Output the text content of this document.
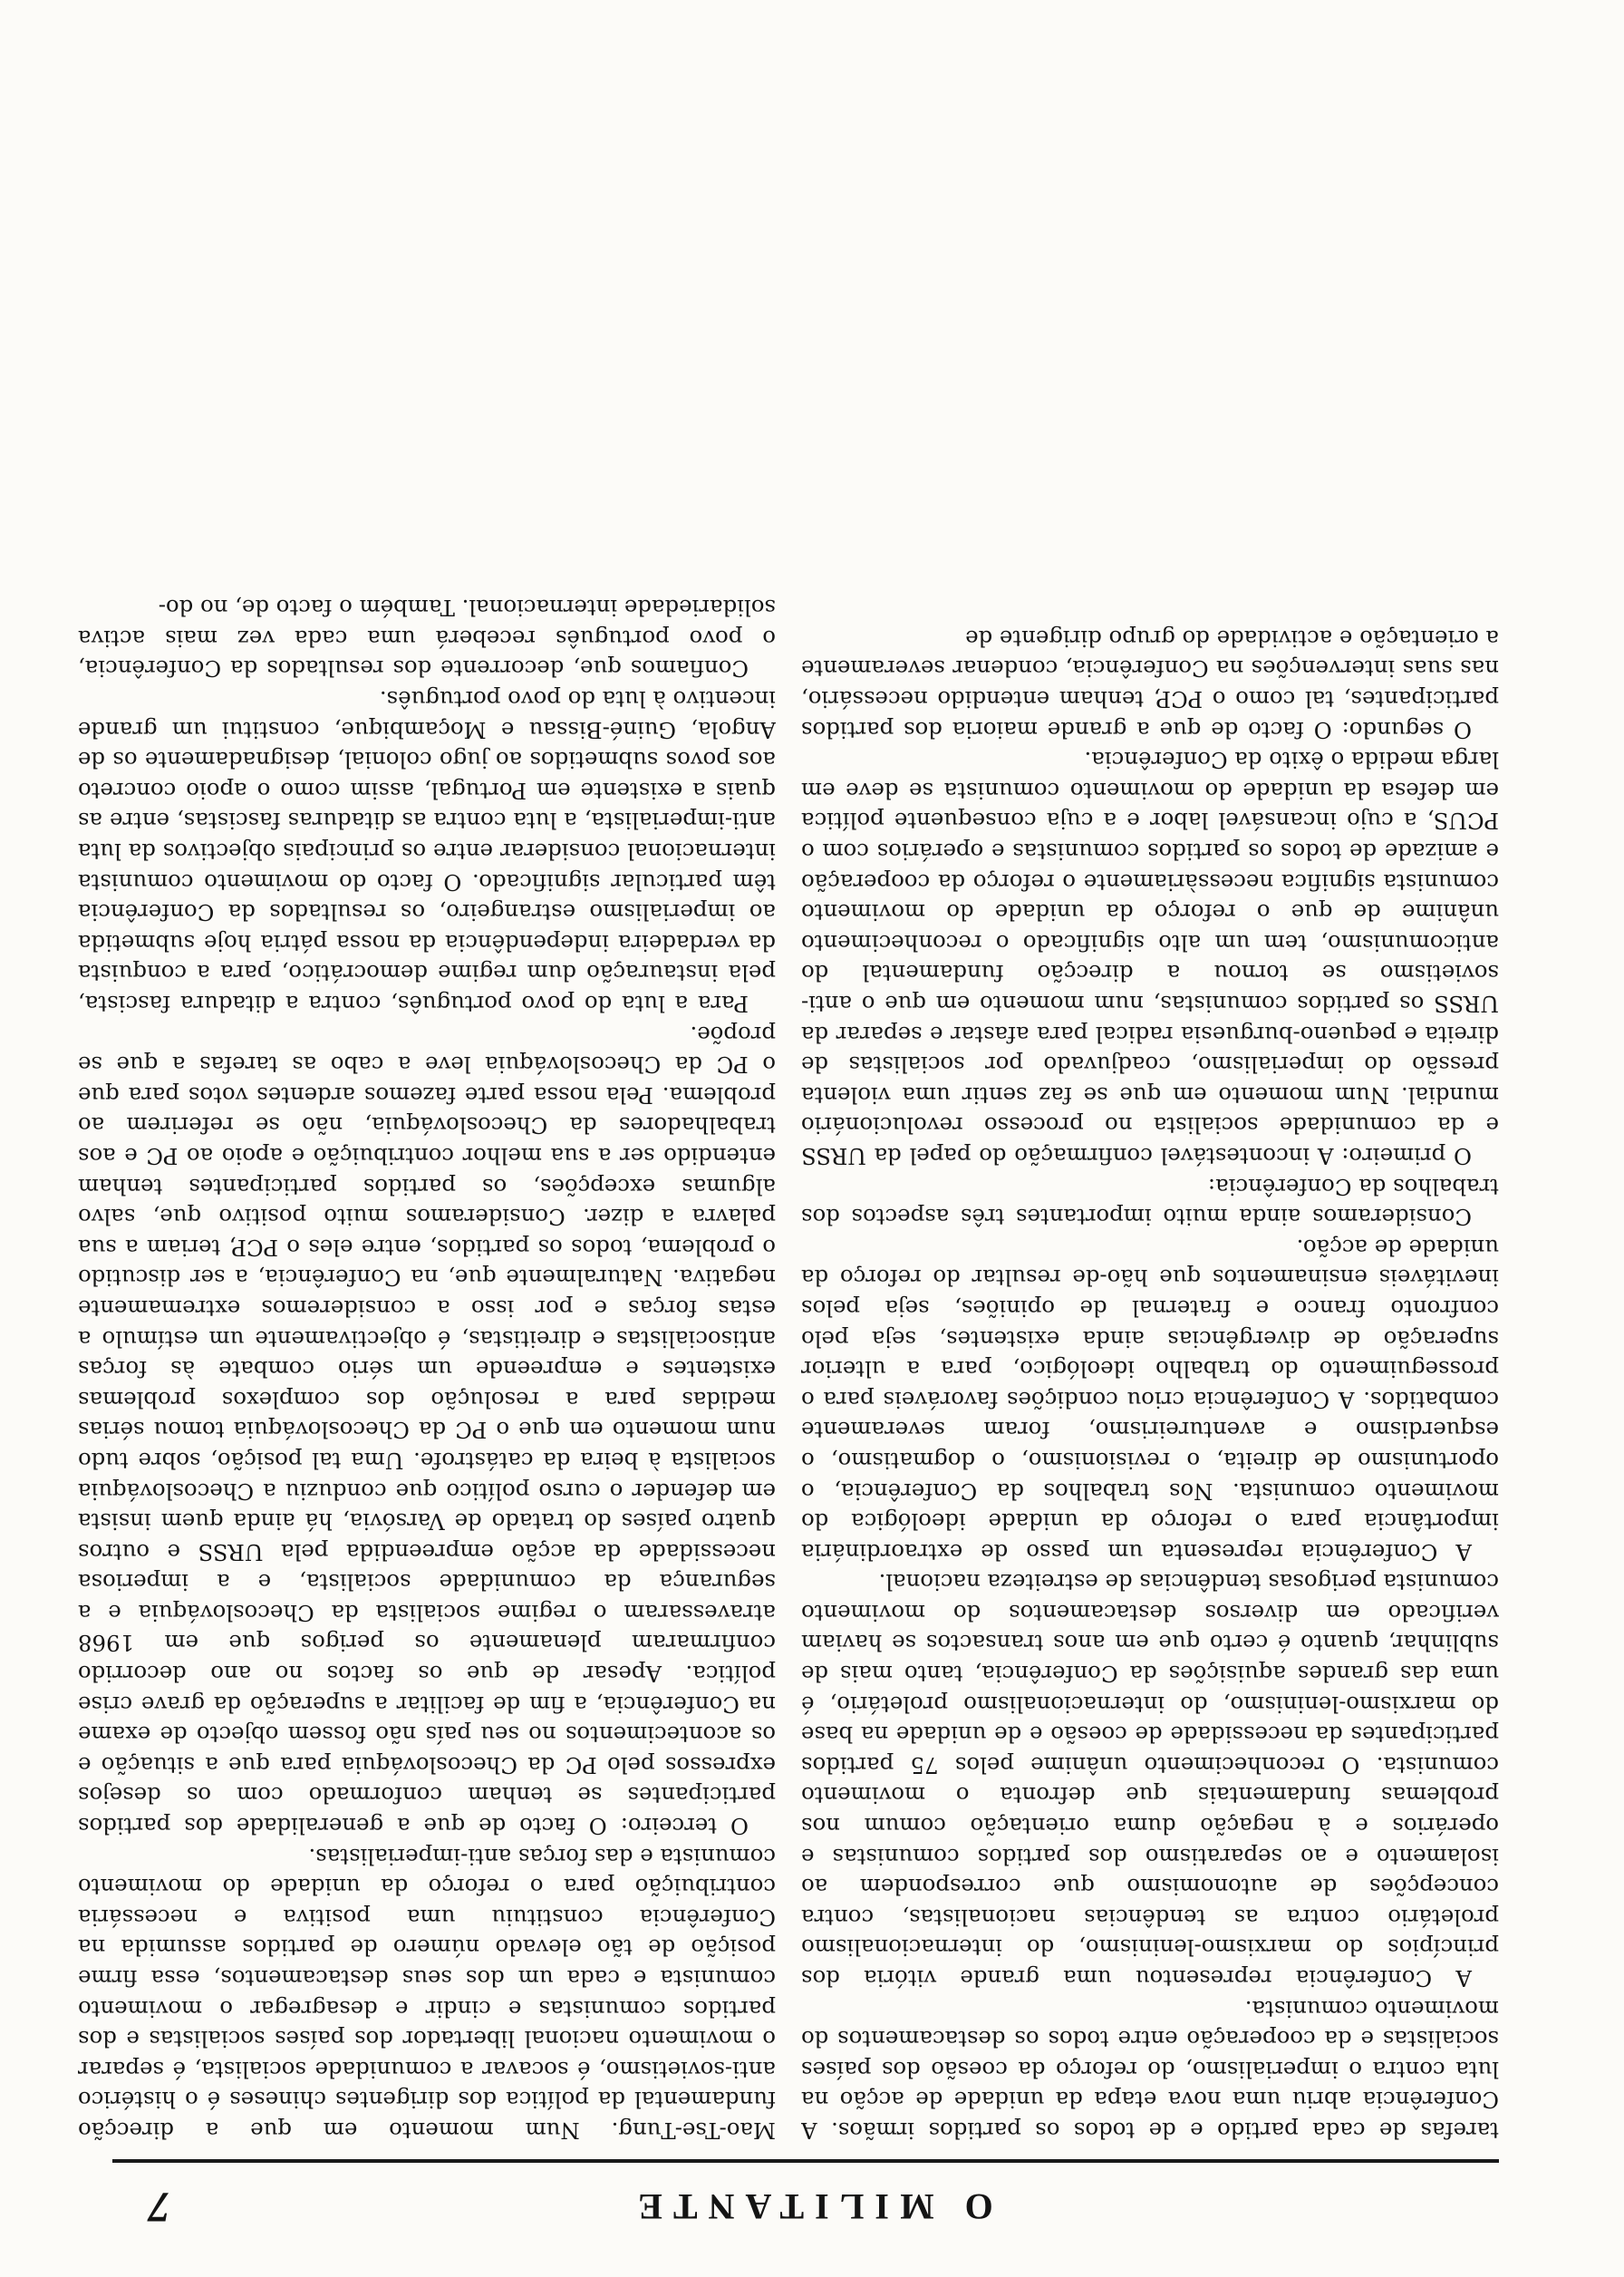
O MILITANTE
7

tarefas de cada partido e de todos os partidos irmãos. A Conferência abriu uma nova etapa da unidade de acção na luta contra o imperialismo, do reforço da coesão dos países socialistas e da cooperação entre todos os destacamentos do movimento comunista.

A Conferência representou uma grande vitória dos princípios do marxismo-leninismo, do internacionalismo proletário contra as tendências nacionalistas, contra concepções de autonomismo que correspondem ao isolamento e ao separatismo dos partidos comunistas e operários e à negação duma orientação comum nos problemas fundamentais que defronta o movimento comunista. O reconhecimento unânime pelos 75 partidos participantes da necessidade de coesão e de unidade na base do marxismo-leninismo, do internacionalismo proletário, é uma das grandes aquisições da Conferência, tanto mais de sublinhar, quanto é certo que em anos transactos se haviam verificado em diversos destacamentos do movimento comunista perigosas tendências de estreiteza nacional.

A Conferência representa um passo de extraordinária importância para o reforço da unidade ideológica do movimento comunista. Nos trabalhos da Conferência, o oportunismo de direita, o revisionismo, o dogmatismo, o esquerdismo e aventureirismo, foram severamente combatidos. A Conferência criou condições favoráveis para o prosseguimento do trabalho ideológico, para a ulterior superação de divergências ainda existentes, seja pelo confronto franco e fraternal de opiniões, seja pelos inevitáveis ensinamentos que hão-de resultar do reforço da unidade de acção.

Consideramos ainda muito importantes três aspectos dos trabalhos da Conferência:

O primeiro: A incontestável confirmação do papel da URSS e da comunidade socialista no processo revolucionário mundial. Num momento em que se faz sentir uma violenta pressão do imperialismo, coadjuvado por socialistas de direita e pequeno-burguesia radical para afastar e separar da URSS os partidos comunistas, num momento em que o anti-sovietismo se tornou a direcção fundamental do anticomunismo, tem um alto significado o reconhecimento unânime de que o reforço da unidade do movimento comunista significa necessàriamente o reforço da cooperação e amizade de todos os partidos comunistas e operários com o PCUS, a cujo incansável labor e a cuja consequente política em defesa da unidade do movimento comunista se deve em larga medida o êxito da Conferência.

O segundo: O facto de que a grande maioria dos partidos participantes, tal como o PCP, tenham entendido necessário, nas suas intervenções na Conferência, condenar severamente a orientação e actividade do grupo dirigente de

Mao-Tse-Tung. Num momento em que a direcção fundamental da política dos dirigentes chineses é o histérico anti-sovietismo, é socavar a comunidade socialista, é separar o movimento nacional libertador dos países socialistas e dos partidos comunistas e cindir e desagregar o movimento comunista e cada um dos seus destacamentos, essa firme posição de tão elevado número de partidos assumida na Conferência constituiu uma positiva e necessária contribuição para o reforço da unidade do movimento comunista e das forças anti-imperialistas.

O terceiro: O facto de que a generalidade dos partidos participantes se tenham conformado com os desejos expressos pelo PC da Checoslováquia para que a situação e os acontecimentos no seu país não fossem objecto de exame na Conferência, a fim de facilitar a superação da grave crise política. Apesar de que os factos no ano decorrido confirmaram plenamente os perigos que em 1968 atravessaram o regime socialista da Checoslováquia e a segurança da comunidade socialista, e a imperiosa necessidade da acção empreendida pela URSS e outros quatro países do tratado de Varsóvia, há ainda quem insista em defender o curso político que conduziu a Checoslováquia socialista à beira da catástrofe. Uma tal posição, sobre tudo num momento em que o PC da Checoslováquia tomou sérias medidas para a resolução dos complexos problemas existentes e empreende um sério combate às forças antisocialistas e direitistas, é objectivamente um estímulo a estas forças e por isso a consideremos extremamente negativa. Naturalmente que, na Conferência, a ser discutido o problema, todos os partidos, entre eles o PCP, teriam a sua palavra a dizer. Consideramos muito positivo que, salvo algumas excepções, os partidos participantes tenham entendido ser a sua melhor contribuição e apoio ao PC e aos trabalhadores da Checoslováquia, não se referirem ao problema. Pela nossa parte fazemos ardentes votos para que o PC da Checoslováquia leve a cabo as tarefas a que se propõe.

Para a luta do povo português, contra a ditadura fascista, pela instauração dum regime democrático, para a conquista da verdadeira independência da nossa pátria hoje submetida ao imperialismo estrangeiro, os resultados da Conferência têm particular significado. O facto do movimento comunista internacional considerar entre os principais objectivos da luta anti-imperialista, a luta contra as ditaduras fascistas, entre as quais a existente em Portugal, assim como o apoio concreto aos povos submetidos ao jugo colonial, designadamente os de Angola, Guiné-Bissau e Moçambique, constitui um grande incentivo à luta do povo português.

Confiamos que, decorrente dos resultados da Conferência, o povo português receberá uma cada vez mais activa solidariedade internacional. Também o facto de, no do-
